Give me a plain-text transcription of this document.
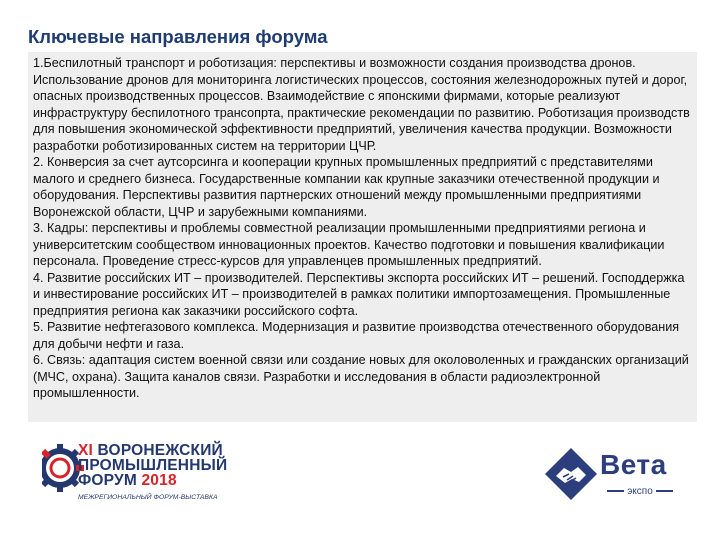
Ключевые направления форума

1.Беспилотный транспорт и роботизация: перспективы и возможности создания производства дронов. Использование дронов для мониторинга логистических процессов, состояния железнодорожных путей и дорог, опасных производственных процессов. Взаимодействие с японскими фирмами, которые реализуют инфраструктуру беспилотного трансопрта, практические рекомендации по развитию. Роботизация производств для повышения экономической эффективности предприятий, увеличения качества продукции. Возможности разработки роботизированных систем на территории ЦЧР.

2. Конверсия за счет аутсорсинга и кооперации крупных промышленных предприятий с представителями малого и среднего бизнеса. Государственные компании как крупные заказчики отечественной продукции и оборудования. Перспективы развития партнерских отношений между промышленными предприятиями Воронежской области, ЦЧР и зарубежными компаниями.

3. Кадры: перспективы и проблемы совместной реализации промышленными предприятиями региона и университетским сообществом инновационных проектов. Качество подготовки и повышения квалификации персонала. Проведение стресс-курсов для управленцев промышленных предприятий.

4. Развитие российских ИТ – производителей. Перспективы экспорта российских ИТ – решений. Господдержка и инвестирование российских ИТ – производителей в рамках политики импортозамещения. Промышленные предприятия региона как заказчики российского софта.

5. Развитие нефтегазового комплекса. Модернизация и развитие производства отечественного оборудования для добычи нефти и газа.

6. Связь: адаптация систем военной связи или создание новых для околоволенных и гражданских организаций (МЧС, охрана). Защита каналов связи. Разработки и исследования в области радиоэлектронной промышленности.

XI ВОРОНЕЖСКИЙ
ПРОМЫШЛЕННЫЙ
ФОРУМ 2018
МЕЖРЕГИОНАЛЬНЫЙ ФОРУМ-ВЫСТАВКА
Вета
экспо
